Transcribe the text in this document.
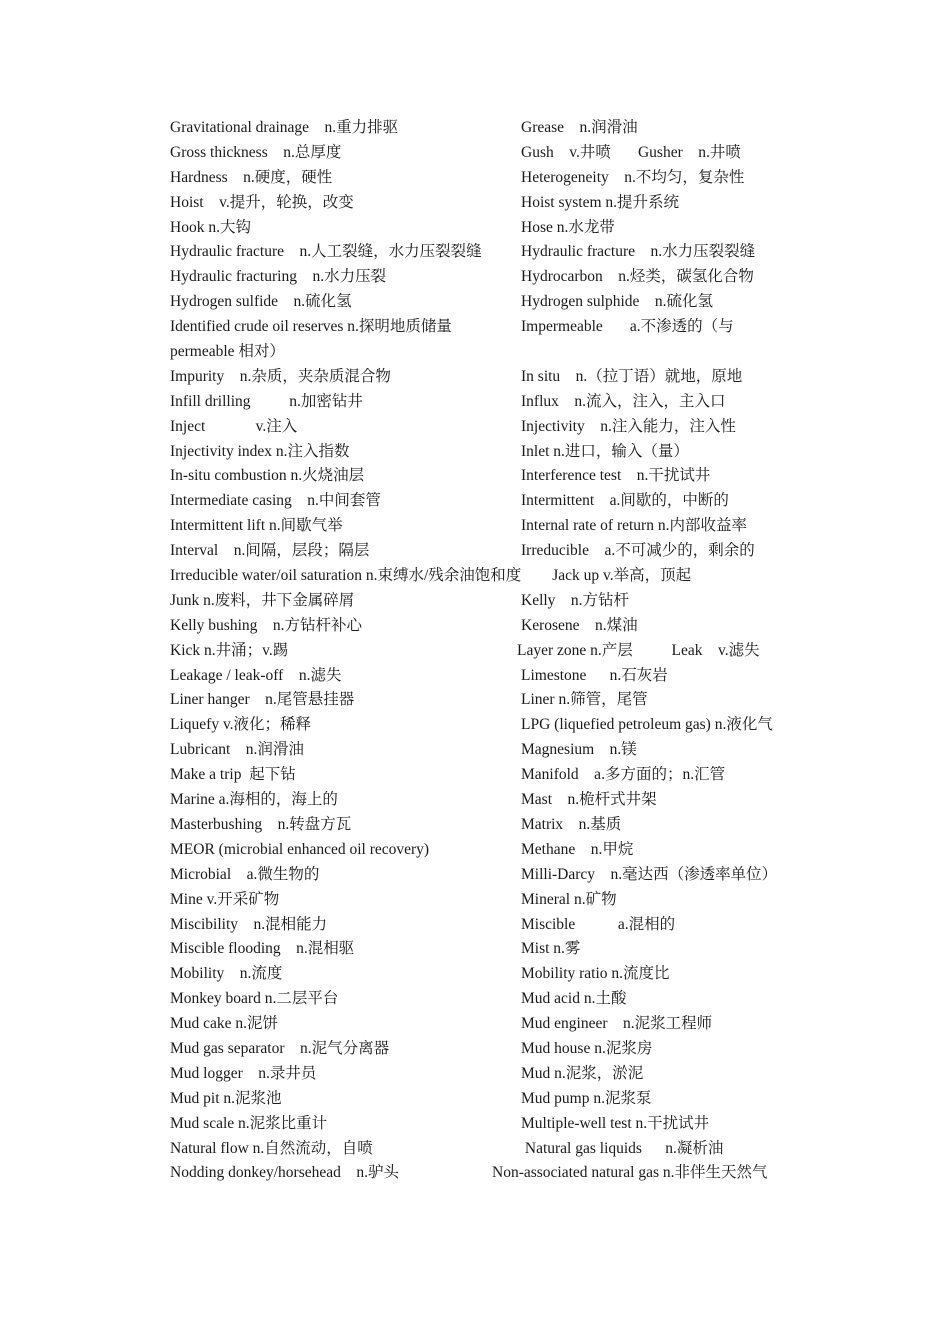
Gravitational drainage    n.重力排驱	Grease    n.润滑油
Gross thickness    n.总厚度	Gush    v.井喷       Gusher    n.井喷
Hardness    n.硬度，硬性	Heterogeneity    n.不均匀，复杂性
Hoist    v.提升，轮换，改变	Hoist system n.提升系统
Hook n.大钩	Hose n.水龙带
Hydraulic fracture    n.人工裂缝，水力压裂裂缝	Hydraulic fracture    n.水力压裂裂缝
Hydraulic fracturing    n.水力压裂	Hydrocarbon    n.烃类，碳氢化合物
Hydrogen sulfide    n.硫化氢	Hydrogen sulphide    n.硫化氢
Identified crude oil reserves n.探明地质储量	Impermeable       a.不渗透的（与
permeable 相对）
Impurity    n.杂质，夹杂质混合物	In situ    n.（拉丁语）就地，原地
Infill drilling          n.加密钻井	Influx    n.流入，注入，主入口
Inject             v.注入	Injectivity    n.注入能力，注入性
Injectivity index n.注入指数	Inlet n.进口，输入（量）
In-situ combustion n.火烧油层	Interference test    n.干扰试井
Intermediate casing    n.中间套管	Intermittent    a.间歇的，中断的
Intermittent lift n.间歇气举	Internal rate of return n.内部收益率
Interval    n.间隔，层段；隔层	Irreducible    a.不可减少的，剩余的
Irreducible water/oil saturation n.束缚水/残余油饱和度        Jack up v.举高，顶起
Junk n.废料，井下金属碎屑	Kelly    n.方钻杆
Kelly bushing    n.方钻杆补心	Kerosene    n.煤油
Kick n.井涌；v.踢	Layer zone n.产层          Leak    v.滤失
Leakage / leak-off    n.滤失	Limestone      n.石灰岩
Liner hanger    n.尾管悬挂器	Liner n.筛管，尾管
Liquefy v.液化；稀释	LPG (liquefied petroleum gas) n.液化气
Lubricant    n.润滑油	Magnesium    n.镁
Make a trip  起下钻	Manifold    a.多方面的；n.汇管
Marine a.海相的，海上的	Mast    n.桅杆式井架
Masterbushing    n.转盘方瓦	Matrix    n.基质
MEOR (microbial enhanced oil recovery)	Methane    n.甲烷
Microbial    a.微生物的	Milli-Darcy    n.毫达西（渗透率单位）
Mine v.开采矿物	Mineral n.矿物
Miscibility    n.混相能力	Miscible           a.混相的
Miscible flooding    n.混相驱	Mist n.雾
Mobility    n.流度	Mobility ratio n.流度比
Monkey board n.二层平台	Mud acid n.土酸
Mud cake n.泥饼	Mud engineer    n.泥浆工程师
Mud gas separator    n.泥气分离器	Mud house n.泥浆房
Mud logger    n.录井员	Mud n.泥浆，淤泥
Mud pit n.泥浆池	Mud pump n.泥浆泵
Mud scale n.泥浆比重计	Multiple-well test n.干扰试井
Natural flow n.自然流动，自喷	Natural gas liquids      n.凝析油
Nodding donkey/horsehead    n.驴头	Non-associated natural gas n.非伴生天然气
